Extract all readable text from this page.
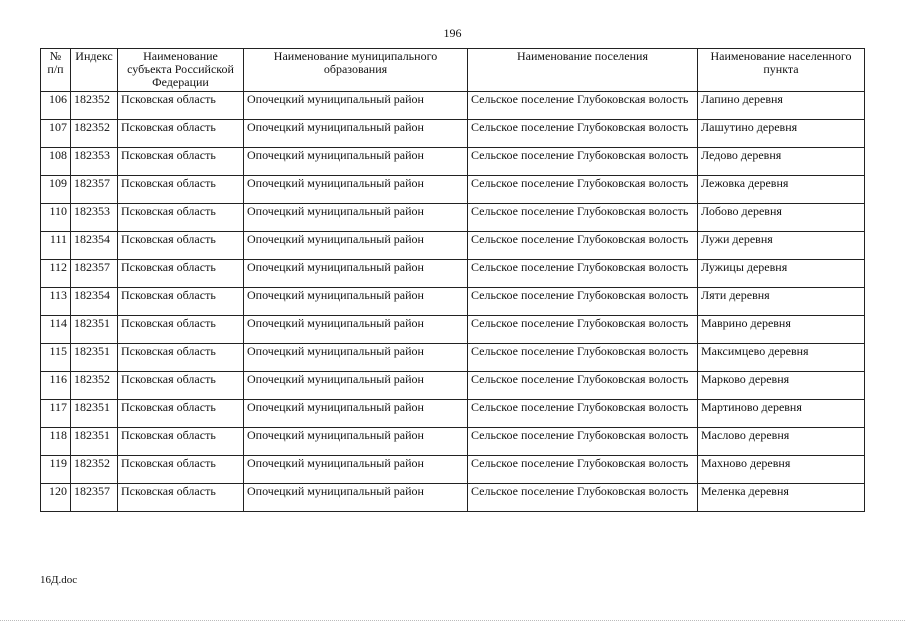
196
№ п/п	Индекс	Наименование субъекта Российской Федерации	Наименование муниципального образования	Наименование поселения	Наименование населенного пункта
106	182352	Псковская область	Опочецкий муниципальный район	Сельское поселение Глубоковская волость	Лапино деревня
107	182352	Псковская область	Опочецкий муниципальный район	Сельское поселение Глубоковская волость	Лашутино деревня
108	182353	Псковская область	Опочецкий муниципальный район	Сельское поселение Глубоковская волость	Ледово деревня
109	182357	Псковская область	Опочецкий муниципальный район	Сельское поселение Глубоковская волость	Лежовка деревня
110	182353	Псковская область	Опочецкий муниципальный район	Сельское поселение Глубоковская волость	Лобово деревня
111	182354	Псковская область	Опочецкий муниципальный район	Сельское поселение Глубоковская волость	Лужи деревня
112	182357	Псковская область	Опочецкий муниципальный район	Сельское поселение Глубоковская волость	Лужицы деревня
113	182354	Псковская область	Опочецкий муниципальный район	Сельское поселение Глубоковская волость	Ляти деревня
114	182351	Псковская область	Опочецкий муниципальный район	Сельское поселение Глубоковская волость	Маврино деревня
115	182351	Псковская область	Опочецкий муниципальный район	Сельское поселение Глубоковская волость	Максимцево деревня
116	182352	Псковская область	Опочецкий муниципальный район	Сельское поселение Глубоковская волость	Марково деревня
117	182351	Псковская область	Опочецкий муниципальный район	Сельское поселение Глубоковская волость	Мартиново деревня
118	182351	Псковская область	Опочецкий муниципальный район	Сельское поселение Глубоковская волость	Маслово деревня
119	182352	Псковская область	Опочецкий муниципальный район	Сельское поселение Глубоковская волость	Махново деревня
120	182357	Псковская область	Опочецкий муниципальный район	Сельское поселение Глубоковская волость	Меленка деревня
16Д.doc
